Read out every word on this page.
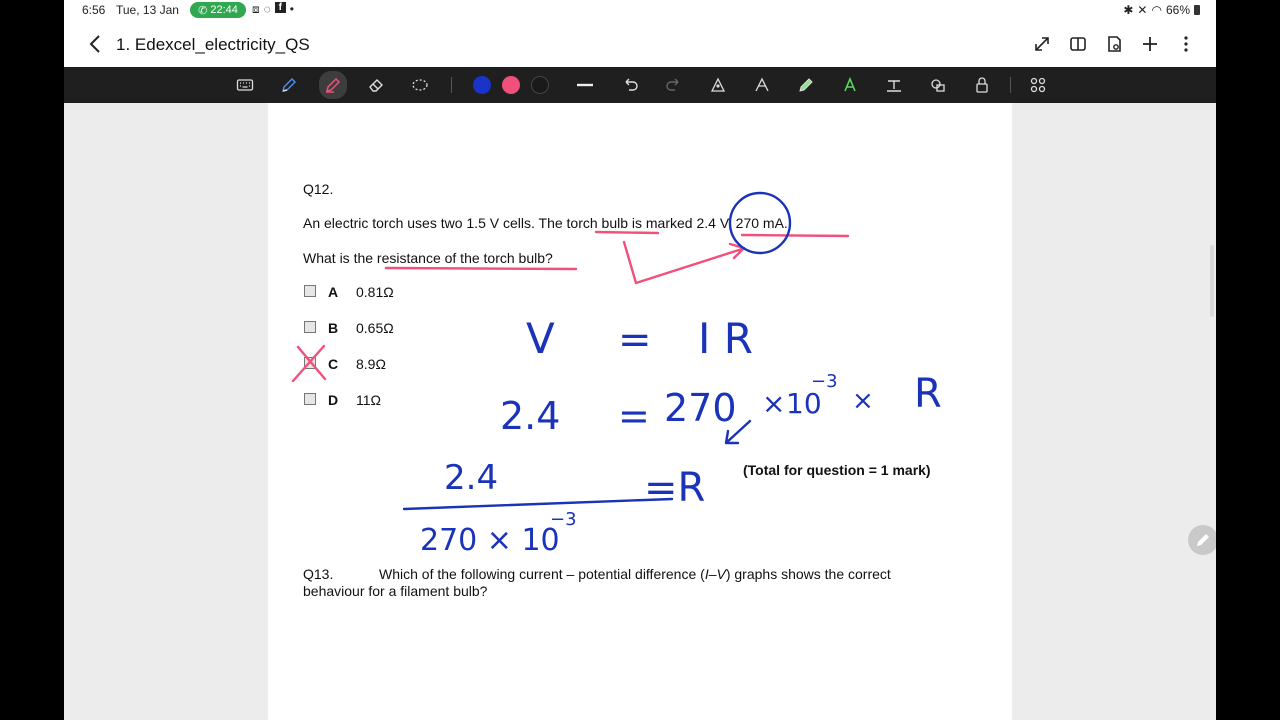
6:56 Tue, 13 Jan ✆ 22:44 ⧈ ◌ f •	✱ ✕ ◠ 66%
1. Edexcel_electricity_QS
Q12.
An electric torch uses two 1.5 V cells. The torch bulb is marked 2.4 V, 270 mA.
What is the resistance of the torch bulb?
A 0.81Ω
B 0.65Ω
C 8.9Ω
D 11Ω
(Total for question = 1 mark)
Q13.	Which of the following current – potential difference (I–V) graphs shows the correct
behaviour for a filament bulb?
V = I R
2.4 = 270 × 10
−3
× R
2.4
270 × 10
−3
=R
